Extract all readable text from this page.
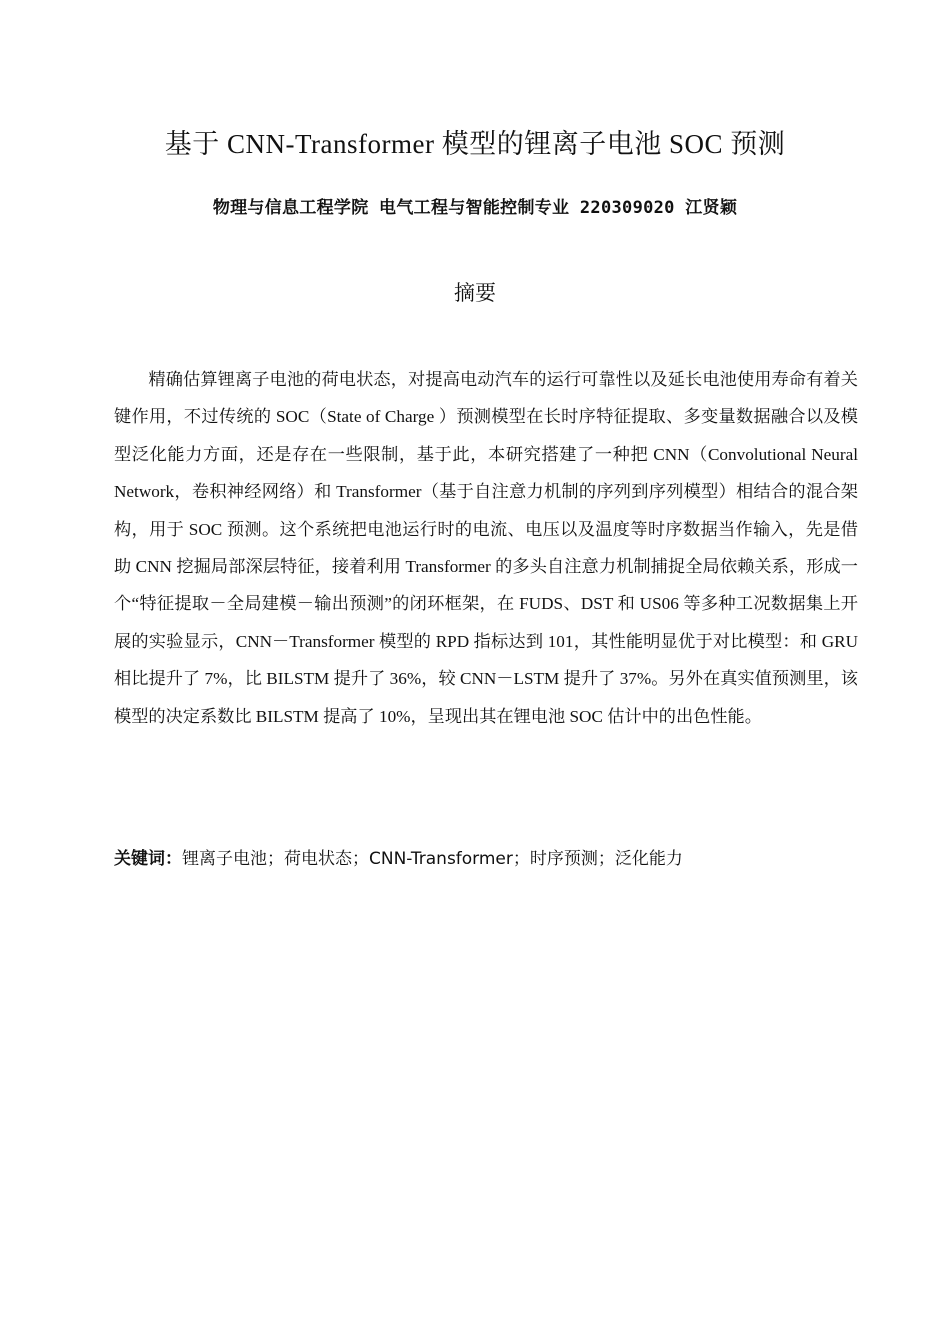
基于 CNN-Transformer 模型的锂离子电池 SOC 预测
物理与信息工程学院 电气工程与智能控制专业 220309020 江贤颖
摘要

精确估算锂离子电池的荷电状态，对提高电动汽车的运行可靠性以及延长电池使用寿命有着关键作用，不过传统的 SOC（State of Charge ）预测模型在长时序特征提取、多变量数据融合以及模型泛化能力方面，还是存在一些限制，基于此，本研究搭建了一种把 CNN（Convolutional Neural Network，卷积神经网络）和 Transformer（基于自注意力机制的序列到序列模型）相结合的混合架构，用于 SOC 预测。这个系统把电池运行时的电流、电压以及温度等时序数据当作输入，先是借助 CNN 挖掘局部深层特征，接着利用 Transformer 的多头自注意力机制捕捉全局依赖关系，形成一个“特征提取－全局建模－输出预测”的闭环框架，在 FUDS、DST 和 US06 等多种工况数据集上开展的实验显示，CNN－Transformer 模型的 RPD 指标达到 101，其性能明显优于对比模型：和 GRU 相比提升了 7%，比 BILSTM 提升了 36%，较 CNN－LSTM 提升了 37%。另外在真实值预测里，该模型的决定系数比 BILSTM 提高了 10%，呈现出其在锂电池 SOC 估计中的出色性能。

关键词：锂离子电池；荷电状态；CNN-Transformer；时序预测；泛化能力
